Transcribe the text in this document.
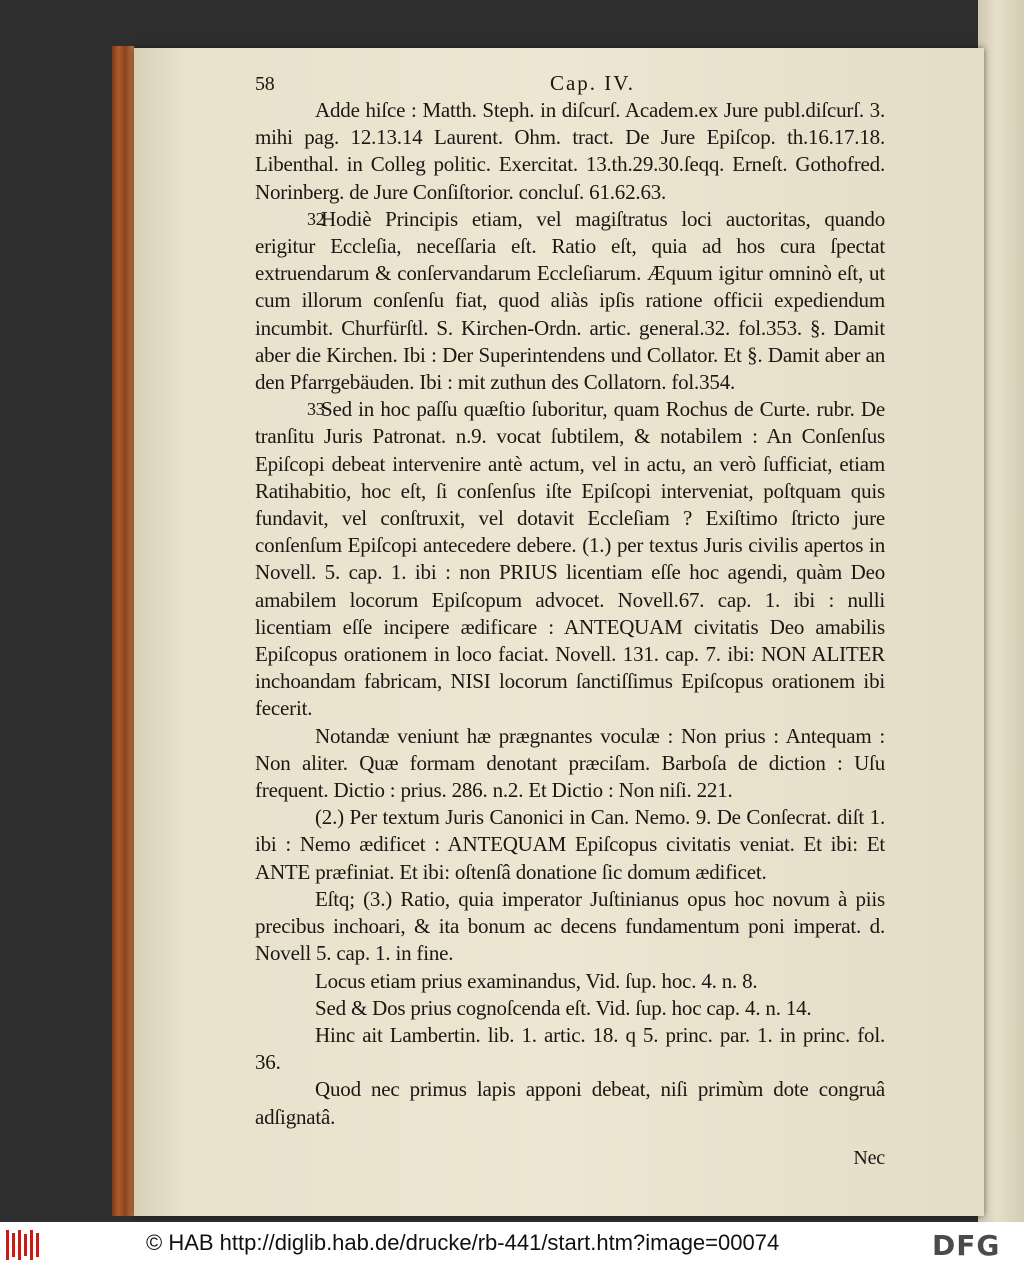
58	Cap. IV.

Adde hiſce : Matth. Steph. in diſcurſ. Academ.ex Jure publ.diſcurſ. 3. mihi pag. 12.13.14 Laurent. Ohm. tract. De Jure Epiſcop. th.16.17.18. Libenthal. in Colleg politic. Exercitat. 13.th.29.30.ſeqq. Erneſt. Gothofred. Norinberg. de Jure Conſiſtorior. concluſ. 61.62.63.

32
Hodiè Principis etiam, vel magiſtratus loci auctoritas, quando erigitur Eccleſia, neceſſaria eſt. Ratio eſt, quia ad hos cura ſpectat extruendarum & conſervandarum Eccleſiarum. Æquum igitur omninò eſt, ut cum illorum conſenſu fiat, quod aliàs ipſis ratione officii expediendum incumbit. Churfürſtl. S. Kirchen-Ordn. artic. general.32. fol.353. §. Damit aber die Kirchen. Ibi : Der Superintendens und Collator. Et §. Damit aber an den Pfarrgebäuden. Ibi : mit zuthun des Collatorn. fol.354.

33
Sed in hoc paſſu quæſtio ſuboritur, quam Rochus de Curte. rubr. De tranſitu Juris Patronat. n.9. vocat ſubtilem, & notabilem : An Conſenſus Epiſcopi debeat intervenire antè actum, vel in actu, an verò ſufficiat, etiam Ratihabitio, hoc eſt, ſi conſenſus iſte Epiſcopi interveniat, poſtquam quis fundavit, vel conſtruxit, vel dotavit Eccleſiam ? Exiſtimo ſtricto jure conſenſum Epiſcopi antecedere debere. (1.) per textus Juris civilis apertos in Novell. 5. cap. 1. ibi : non PRIUS licentiam eſſe hoc agendi, quàm Deo amabilem locorum Epiſcopum advocet. Novell.67. cap. 1. ibi : nulli licentiam eſſe incipere ædificare : ANTEQUAM civitatis Deo amabilis Epiſcopus orationem in loco faciat. Novell. 131. cap. 7. ibi: NON ALITER inchoandam fabricam, NISI locorum ſanctiſſimus Epiſcopus orationem ibi fecerit.

Notandæ veniunt hæ prægnantes voculæ : Non prius : Antequam : Non aliter. Quæ formam denotant præciſam. Barboſa de diction : Uſu frequent. Dictio : prius. 286. n.2. Et Dictio : Non niſi. 221.

(2.) Per textum Juris Canonici in Can. Nemo. 9. De Conſecrat. diſt 1. ibi : Nemo ædificet : ANTEQUAM Epiſcopus civitatis veniat. Et ibi: Et ANTE præfiniat. Et ibi: oſtenſâ donatione ſic domum ædificet.

Eſtq; (3.) Ratio, quia imperator Juſtinianus opus hoc novum à piis precibus inchoari, & ita bonum ac decens fundamentum poni imperat. d. Novell 5. cap. 1. in fine.

Locus etiam prius examinandus, Vid. ſup. hoc. 4. n. 8.

Sed & Dos prius cognoſcenda eſt. Vid. ſup. hoc cap. 4. n. 14.

Hinc ait Lambertin. lib. 1. artic. 18. q 5. princ. par. 1. in princ. fol. 36.

Quod nec primus lapis apponi debeat, niſi primùm dote congruâ adſignatâ.

Nec
© HAB http://diglib.hab.de/drucke/rb-441/start.htm?image=00074	DFG
